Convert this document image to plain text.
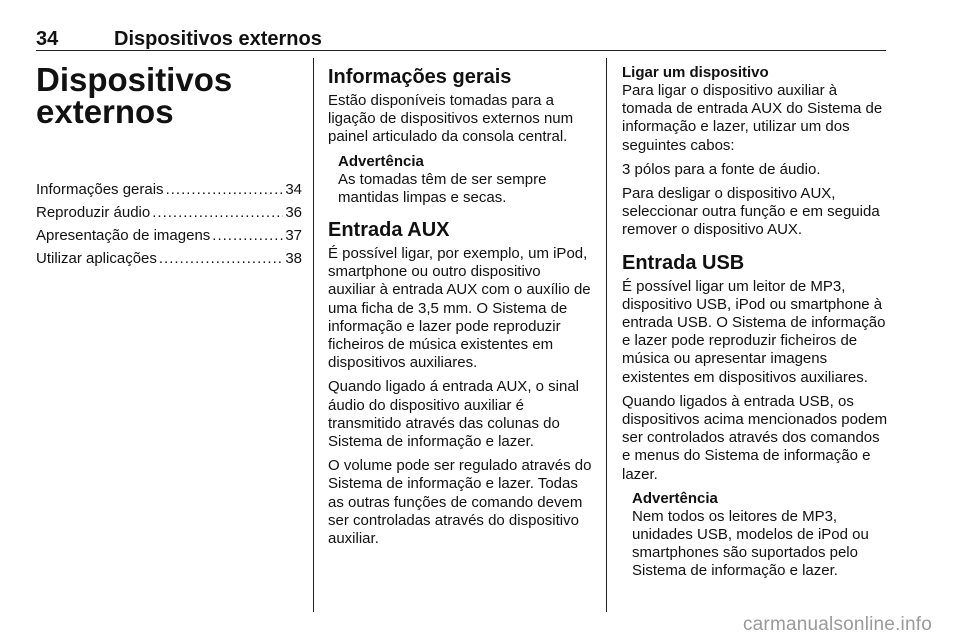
34	Dispositivos externos
Dispositivos
externos
Informações gerais .....	34
Reproduzir áudio .....	36
Apresentação de imagens .....	37
Utilizar aplicações .....	38
Informações gerais

Estão disponíveis tomadas para a ligação de dispositivos externos num painel articulado da consola central.

Advertência

As tomadas têm de ser sempre mantidas limpas e secas.

Entrada AUX

É possível ligar, por exemplo, um iPod, smartphone ou outro dispositivo auxiliar à entrada AUX com o auxílio de uma ficha de 3,5 mm. O Sistema de informação e lazer pode reproduzir ficheiros de música existentes em dispositivos auxiliares.

Quando ligado á entrada AUX, o sinal áudio do dispositivo auxiliar é transmitido através das colunas do Sistema de informação e lazer.

O volume pode ser regulado através do Sistema de informação e lazer. Todas as outras funções de comando devem ser controladas através do dispositivo auxiliar.

Ligar um dispositivo

Para ligar o dispositivo auxiliar à tomada de entrada AUX do Sistema de informação e lazer, utilizar um dos seguintes cabos:

3 pólos para a fonte de áudio.

Para desligar o dispositivo AUX, seleccionar outra função e em seguida remover o dispositivo AUX.

Entrada USB

É possível ligar um leitor de MP3, dispositivo USB, iPod ou smartphone à entrada USB. O Sistema de informação e lazer pode reproduzir ficheiros de música ou apresentar imagens existentes em dispositivos auxiliares.

Quando ligados à entrada USB, os dispositivos acima mencionados podem ser controlados através dos comandos e menus do Sistema de informação e lazer.

Advertência

Nem todos os leitores de MP3, unidades USB, modelos de iPod ou smartphones são suportados pelo Sistema de informação e lazer.

carmanualsonline.info
